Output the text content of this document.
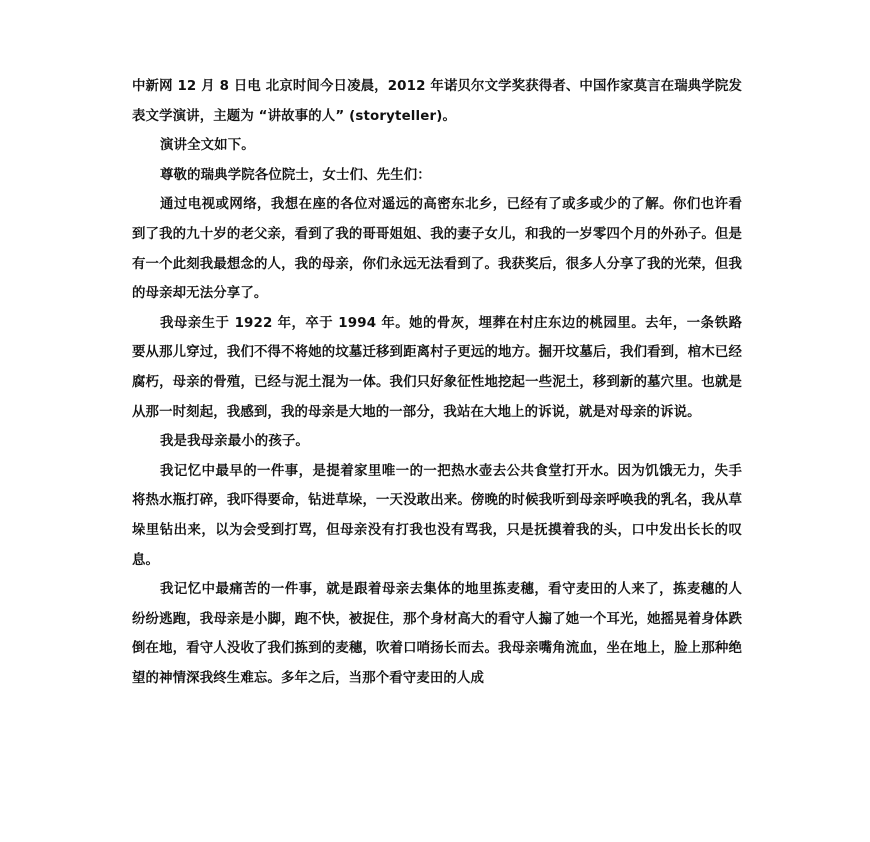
中新网 12 月 8 日电 北京时间今日凌晨，2012 年诺贝尔文学奖获得者、中国作家莫言在瑞典学院发表文学演讲，主题为 “讲故事的人” (storyteller)。

演讲全文如下。

尊敬的瑞典学院各位院士，女士们、先生们：

通过电视或网络，我想在座的各位对遥远的高密东北乡，已经有了或多或少的了解。你们也许看到了我的九十岁的老父亲，看到了我的哥哥姐姐、我的妻子女儿，和我的一岁零四个月的外孙子。但是有一个此刻我最想念的人，我的母亲，你们永远无法看到了。我获奖后，很多人分享了我的光荣，但我的母亲却无法分享了。

我母亲生于 1922 年，卒于 1994 年。她的骨灰，埋葬在村庄东边的桃园里。去年，一条铁路要从那儿穿过，我们不得不将她的坟墓迁移到距离村子更远的地方。掘开坟墓后，我们看到，棺木已经腐朽，母亲的骨殖，已经与泥土混为一体。我们只好象征性地挖起一些泥土，移到新的墓穴里。也就是从那一时刻起，我感到，我的母亲是大地的一部分，我站在大地上的诉说，就是对母亲的诉说。

我是我母亲最小的孩子。

我记忆中最早的一件事，是提着家里唯一的一把热水壶去公共食堂打开水。因为饥饿无力，失手将热水瓶打碎，我吓得要命，钻进草垛，一天没敢出来。傍晚的时候我听到母亲呼唤我的乳名，我从草垛里钻出来，以为会受到打骂，但母亲没有打我也没有骂我，只是抚摸着我的头，口中发出长长的叹息。

我记忆中最痛苦的一件事，就是跟着母亲去集体的地里拣麦穗，看守麦田的人来了，拣麦穗的人纷纷逃跑，我母亲是小脚，跑不快，被捉住，那个身材高大的看守人搧了她一个耳光，她摇晃着身体跌倒在地，看守人没收了我们拣到的麦穗，吹着口哨扬长而去。我母亲嘴角流血，坐在地上，脸上那种绝望的神情深我终生难忘。多年之后，当那个看守麦田的人成
